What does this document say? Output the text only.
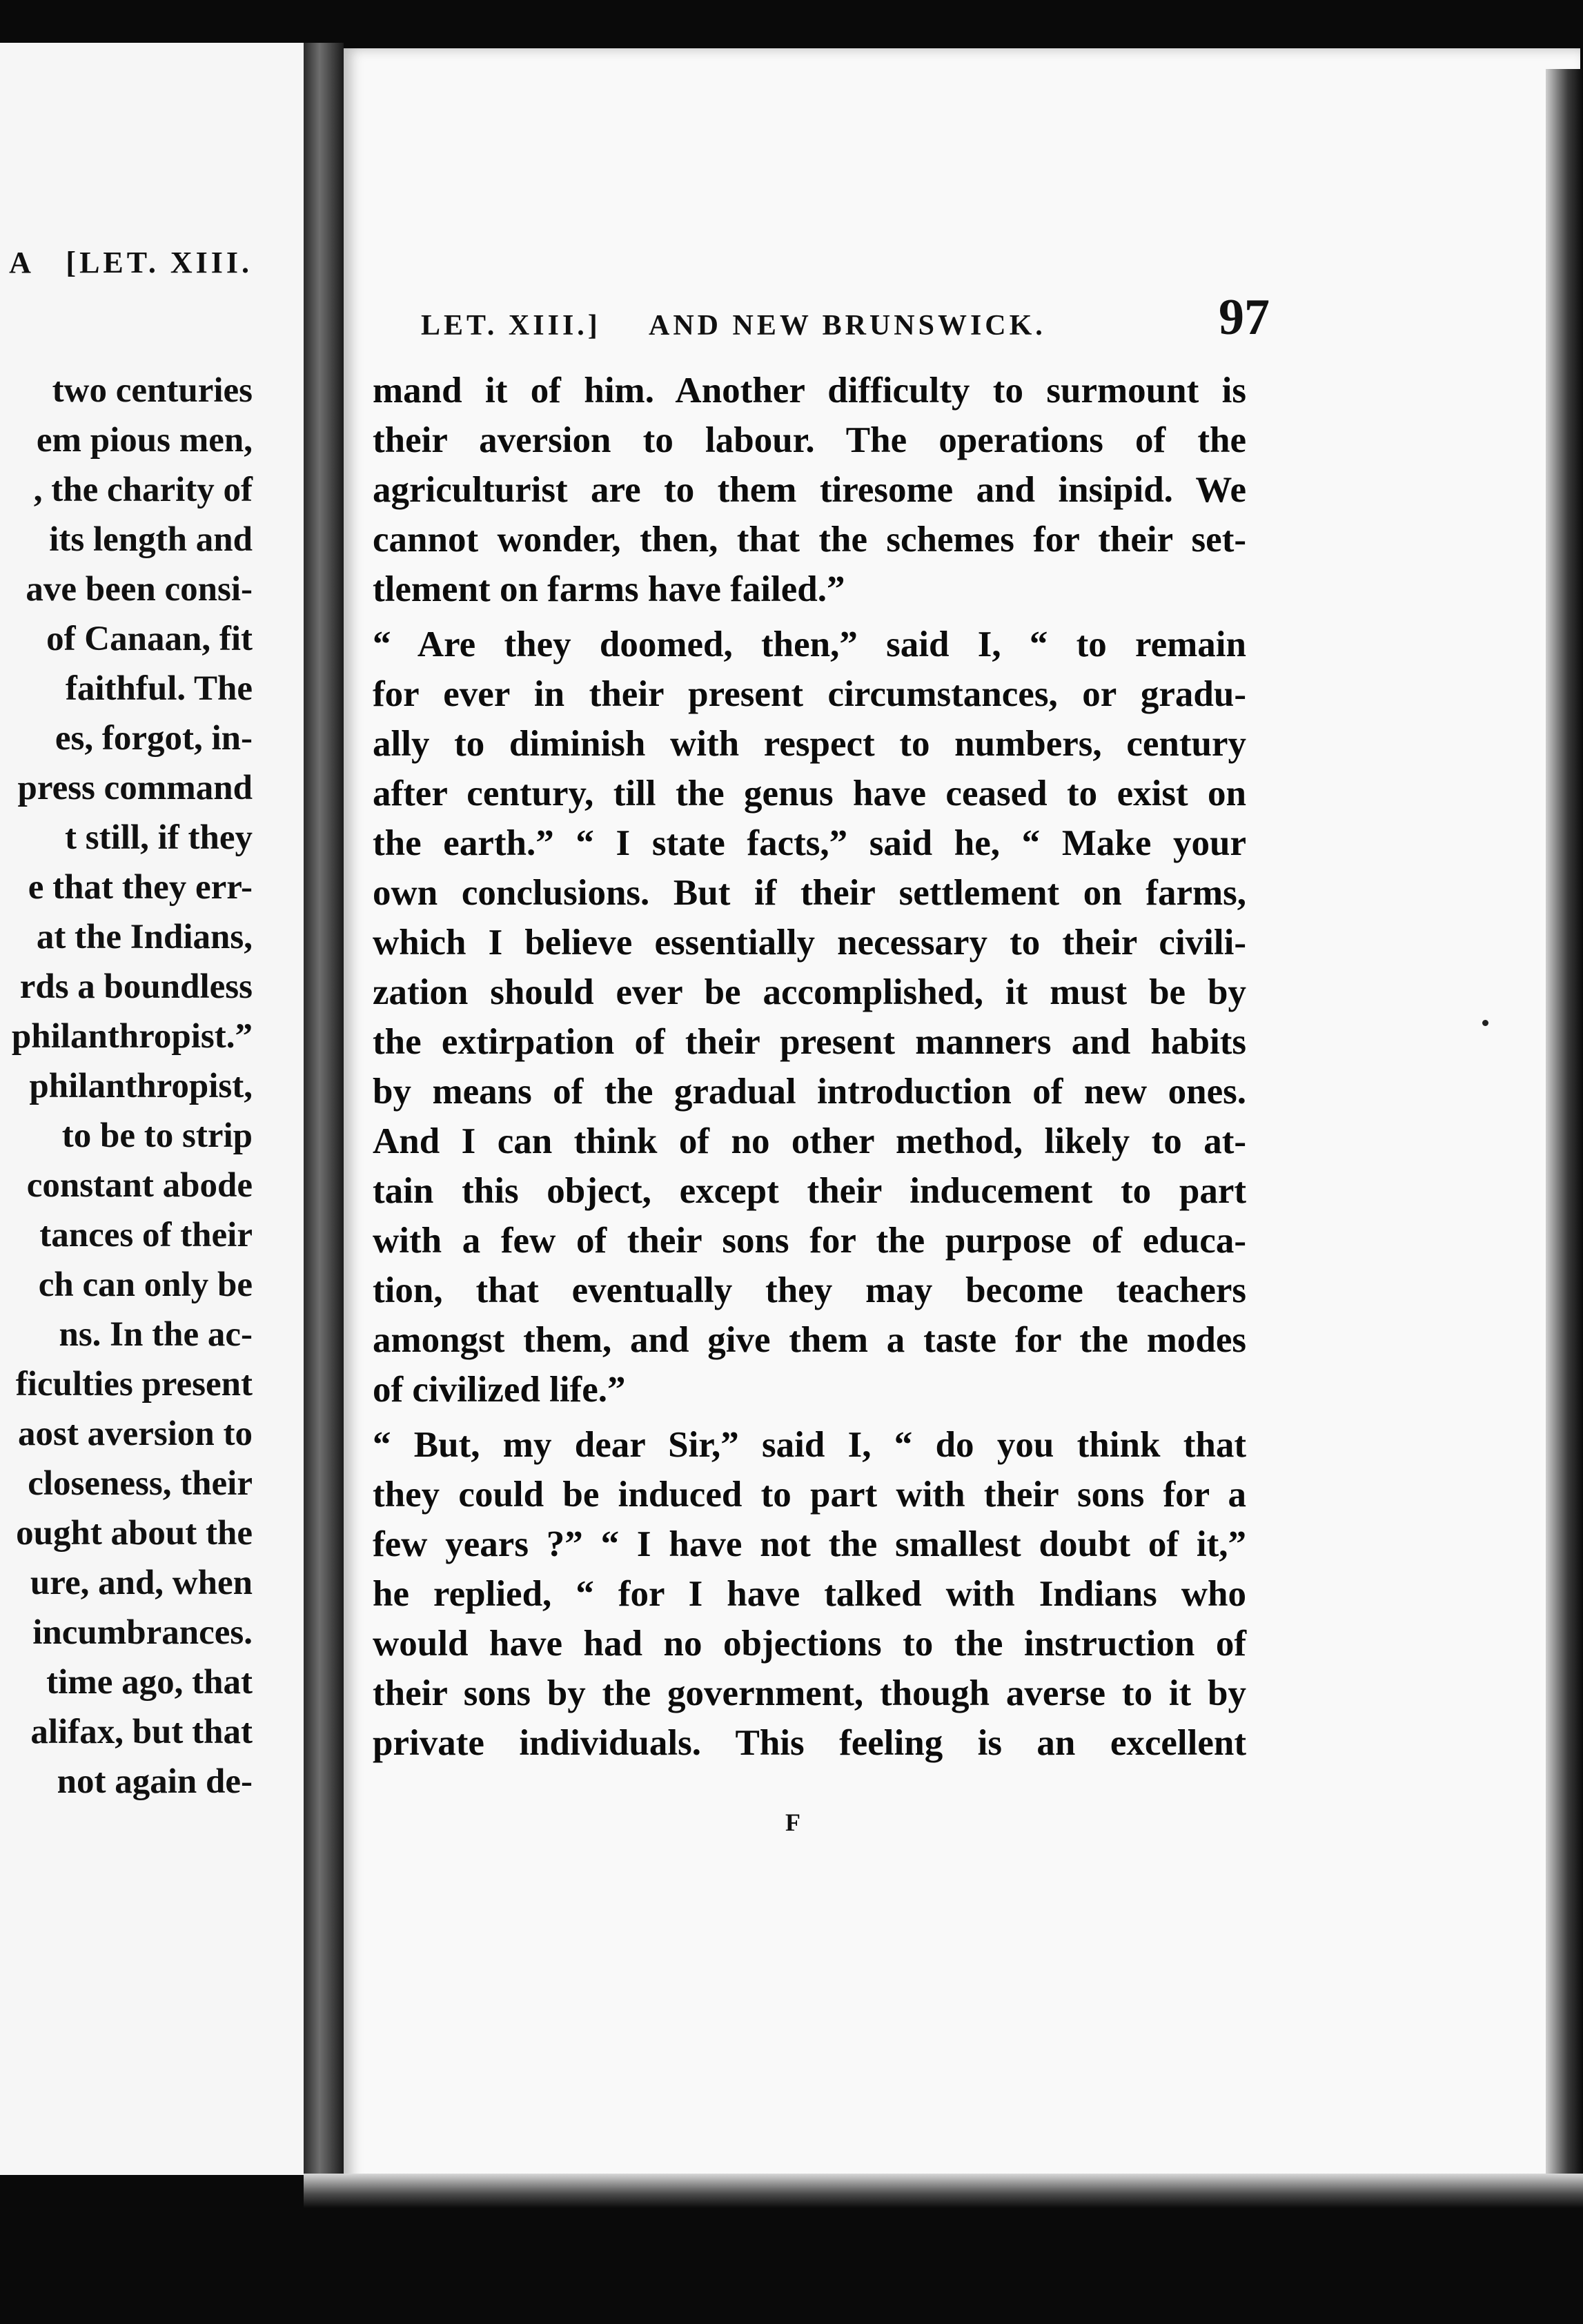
A   [LET. XIII.
two centuries
em pious men,
, the charity of
its length and
ave been consi-
of Canaan, fit
faithful. The
es, forgot, in-
press command
t still, if they
e that they err-
at the Indians,
rds a boundless
philanthropist.”
philanthropist,
to be to strip
constant abode
tances of their
ch can only be
ns. In the ac-
ficulties present
aost aversion to
closeness, their
ought about the
ure, and, when
incumbrances.
time ago, that
alifax, but that
not again de-
LET. XIII.] AND NEW BRUNSWICK.	97
mand it of him. Another difficulty to surmount is
their aversion to labour. The operations of the
agriculturist are to them tiresome and insipid. We
cannot wonder, then, that the schemes for their set-
tlement on farms have failed.”
“ Are they doomed, then,” said I, “ to remain
for ever in their present circumstances, or gradu-
ally to diminish with respect to numbers, century
after century, till the genus have ceased to exist on
the earth.” “ I state facts,” said he, “ Make your
own conclusions. But if their settlement on farms,
which I believe essentially necessary to their civili-
zation should ever be accomplished, it must be by
the extirpation of their present manners and habits
by means of the gradual introduction of new ones.
And I can think of no other method, likely to at-
tain this object, except their inducement to part
with a few of their sons for the purpose of educa-
tion, that eventually they may become teachers
amongst them, and give them a taste for the modes
of civilized life.”
“ But, my dear Sir,” said I, “ do you think that
they could be induced to part with their sons for a
few years ?” “ I have not the smallest doubt of it,”
he replied, “ for I have talked with Indians who
would have had no objections to the instruction of
their sons by the government, though averse to it by
private individuals. This feeling is an excellent
F
